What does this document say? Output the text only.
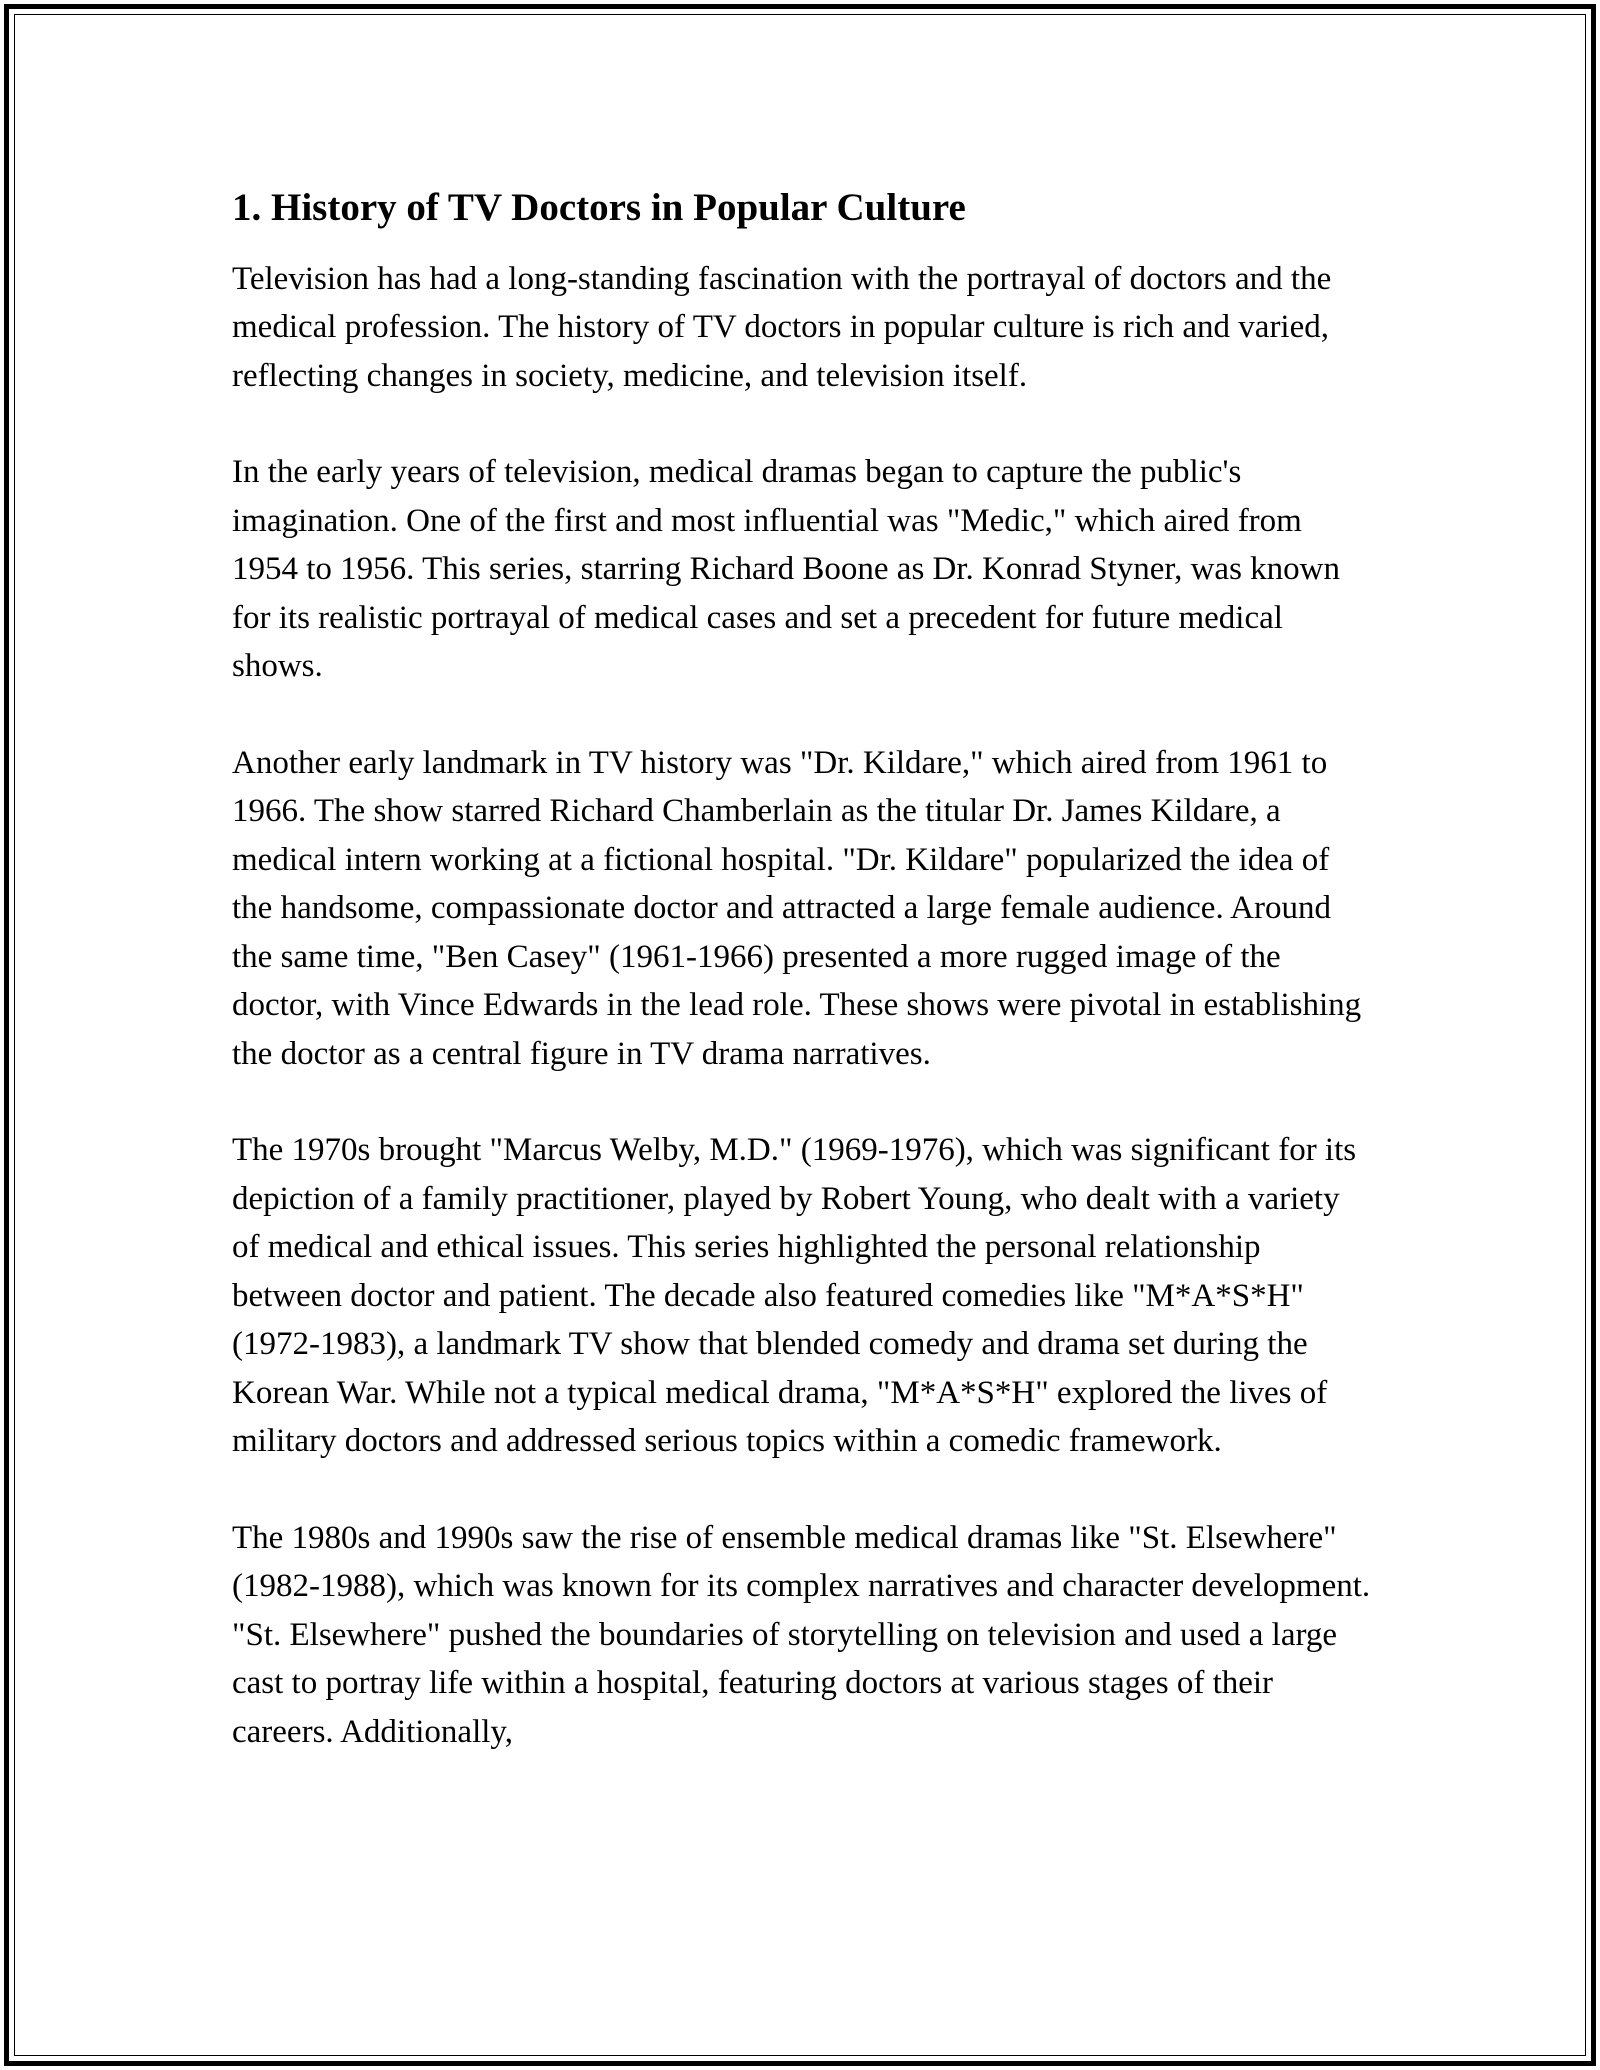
1. History of TV Doctors in Popular Culture

Television has had a long-standing fascination with the portrayal of doctors and the medical profession. The history of TV doctors in popular culture is rich and varied, reflecting changes in society, medicine, and television itself.

In the early years of television, medical dramas began to capture the public's imagination. One of the first and most influential was "Medic," which aired from 1954 to 1956. This series, starring Richard Boone as Dr. Konrad Styner, was known for its realistic portrayal of medical cases and set a precedent for future medical shows.

Another early landmark in TV history was "Dr. Kildare," which aired from 1961 to 1966. The show starred Richard Chamberlain as the titular Dr. James Kildare, a medical intern working at a fictional hospital. "Dr. Kildare" popularized the idea of the handsome, compassionate doctor and attracted a large female audience. Around the same time, "Ben Casey" (1961-1966) presented a more rugged image of the doctor, with Vince Edwards in the lead role. These shows were pivotal in establishing the doctor as a central figure in TV drama narratives.

The 1970s brought "Marcus Welby, M.D." (1969-1976), which was significant for its depiction of a family practitioner, played by Robert Young, who dealt with a variety of medical and ethical issues. This series highlighted the personal relationship between doctor and patient. The decade also featured comedies like "M*A*S*H" (1972-1983), a landmark TV show that blended comedy and drama set during the Korean War. While not a typical medical drama, "M*A*S*H" explored the lives of military doctors and addressed serious topics within a comedic framework.

The 1980s and 1990s saw the rise of ensemble medical dramas like "St. Elsewhere" (1982-1988), which was known for its complex narratives and character development. "St. Elsewhere" pushed the boundaries of storytelling on television and used a large cast to portray life within a hospital, featuring doctors at various stages of their careers. Additionally,
